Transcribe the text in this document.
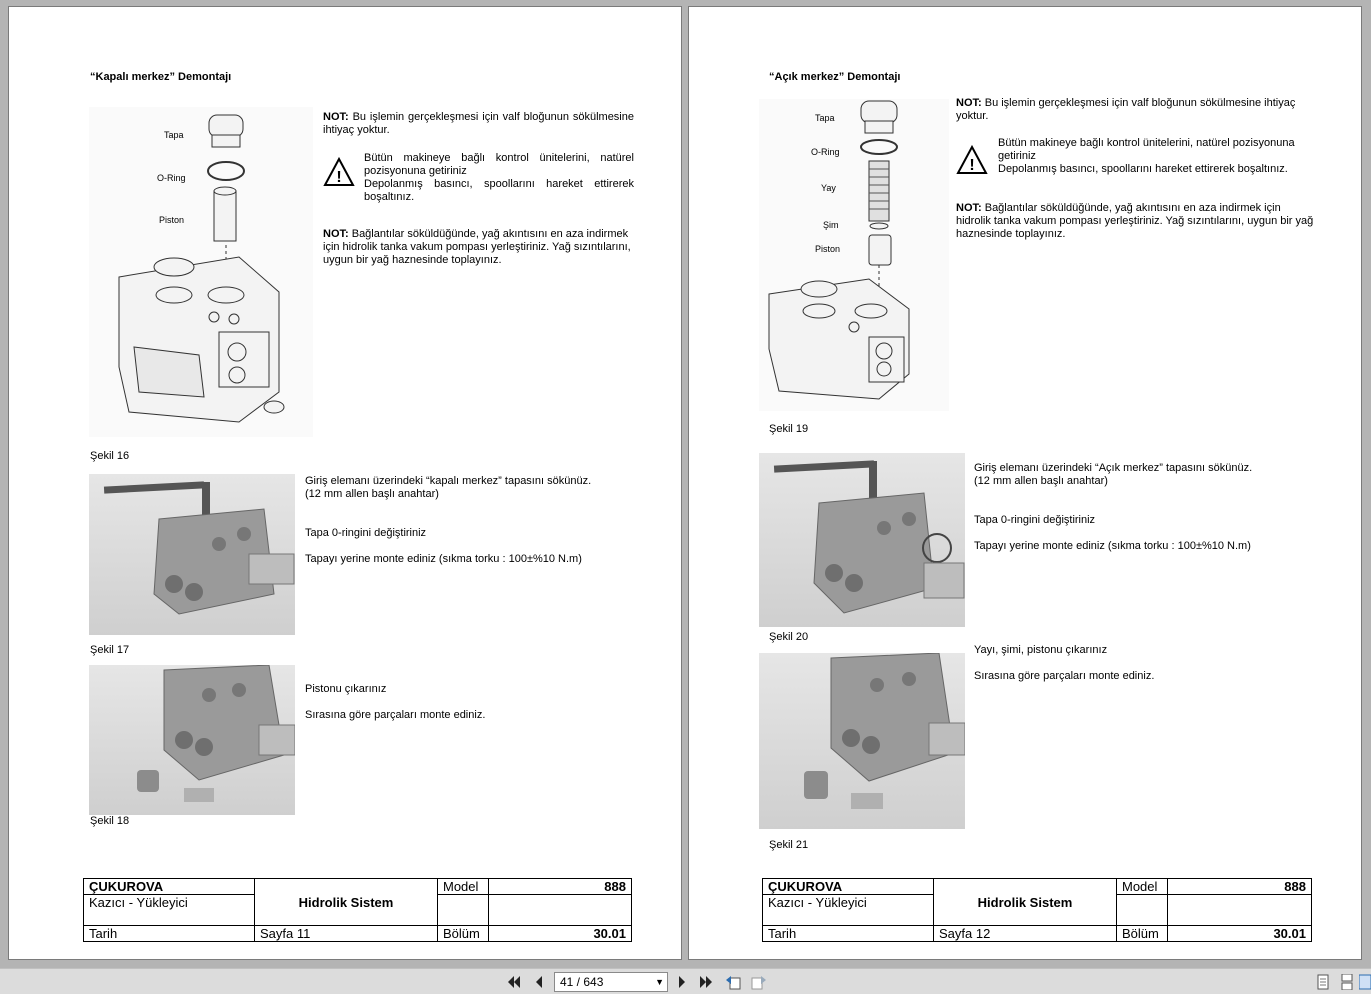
“Kapalı merkez” Demontajı
Tapa
O-Ring
Piston
NOT: Bu işlemin gerçekleşmesi için valf bloğunun sökülmesine ihtiyaç yoktur.
!
Bütün makineye bağlı kontrol ünitelerini, natürel pozisyonuna getiriniz
Depolanmış basıncı, spoollarını hareket ettirerek boşaltınız.
NOT: Bağlantılar söküldüğünde, yağ akıntısını en aza indirmek için hidrolik tanka vakum pompası yerleştiriniz. Yağ sızıntılarını, uygun bir yağ haznesinde toplayınız.
Şekil 16
Giriş elemanı üzerindeki “kapalı merkez” tapasını sökünüz.
(12 mm allen başlı anahtar)
Tapa 0-ringini değiştiriniz
Tapayı yerine monte ediniz (sıkma torku : 100±%10 N.m)
Şekil 17
Pistonu çıkarınız
Sırasına göre parçaları monte ediniz.
Şekil 18
ÇUKUROVA	Hidrolik Sistem	Model	888
Kazıcı - Yükleyici			
Tarih	Sayfa 11	Bölüm	30.01
“Açık merkez” Demontajı
Tapa
O-Ring
Yay
Şim
Piston
NOT: Bu işlemin gerçekleşmesi için valf bloğunun sökülmesine ihtiyaç yoktur.
!
Bütün makineye bağlı kontrol ünitelerini, natürel pozisyonuna getiriniz
Depolanmış basıncı, spoollarını hareket ettirerek boşaltınız.
NOT: Bağlantılar söküldüğünde, yağ akıntısını en aza indirmek için hidrolik tanka vakum pompası yerleştiriniz. Yağ sızıntılarını, uygun bir yağ haznesinde toplayınız.
Şekil 19
Giriş elemanı üzerindeki “Açık merkez” tapasını sökünüz.
(12 mm allen başlı anahtar)
Tapa 0-ringini değiştiriniz
Tapayı yerine monte ediniz (sıkma torku : 100±%10 N.m)
Şekil 20
Yayı, şimi, pistonu çıkarınız
Sırasına göre parçaları monte ediniz.
Şekil 21
ÇUKUROVA	Hidrolik Sistem	Model	888
Kazıcı - Yükleyici			
Tarih	Sayfa 12	Bölüm	30.01
41 / 643	▼
